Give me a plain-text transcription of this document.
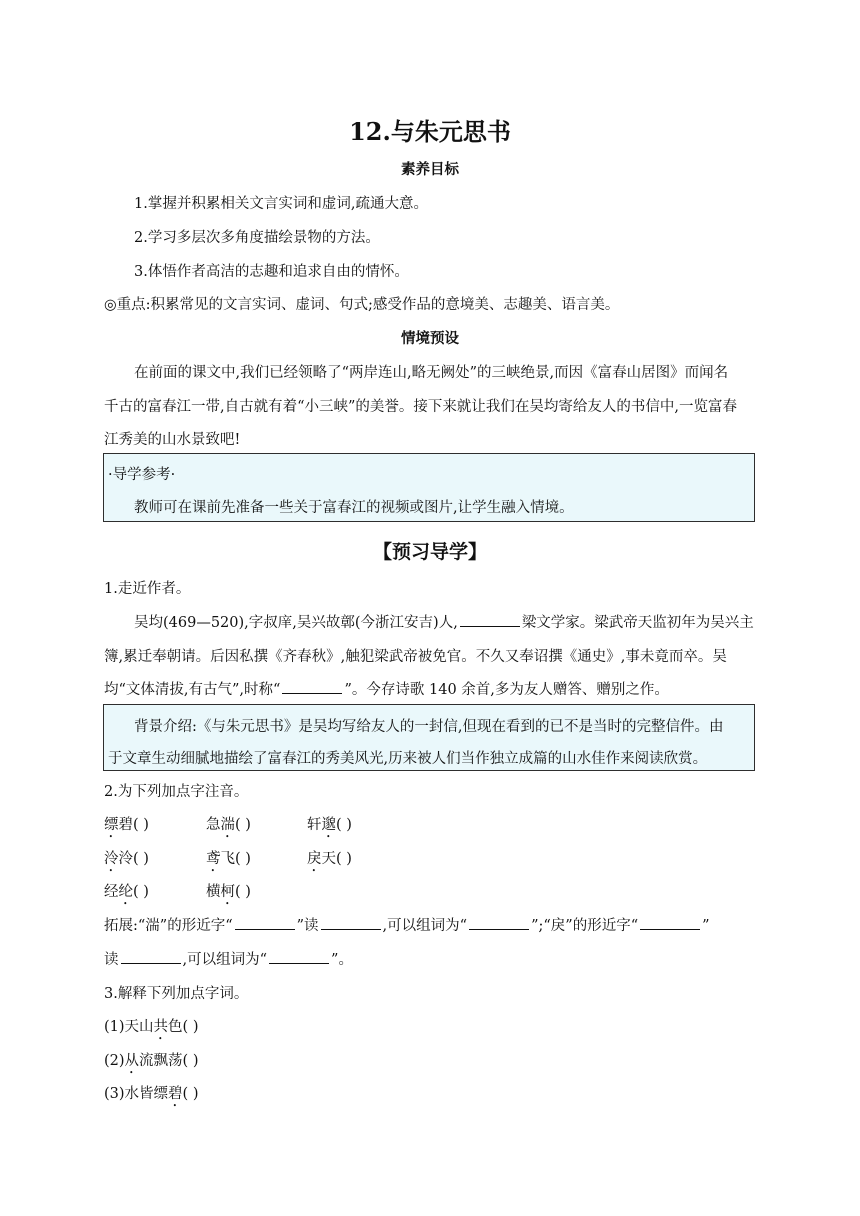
12.与朱元思书
素养目标
1.掌握并积累相关文言实词和虚词,疏通大意。
2.学习多层次多角度描绘景物的方法。
3.体悟作者高洁的志趣和追求自由的情怀。
◎重点:积累常见的文言实词、虚词、句式;感受作品的意境美、志趣美、语言美。
情境预设
在前面的课文中,我们已经领略了“两岸连山,略无阙处”的三峡绝景,而因《富春山居图》而闻名
千古的富春江一带,自古就有着“小三峡”的美誉。接下来就让我们在吴均寄给友人的书信中,一览富春
江秀美的山水景致吧!
·导学参考·
教师可在课前先准备一些关于富春江的视频或图片,让学生融入情境。
【预习导学】
1.走近作者。
吴均(469—520),字叔庠,吴兴故鄣(今浙江安吉)人,	梁文学家。梁武帝天监初年为吴兴主
簿,累迁奉朝请。后因私撰《齐春秋》,触犯梁武帝被免官。不久又奉诏撰《通史》,事未竟而卒。吴
均“文体清拔,有古气”,时称“	”。今存诗歌 140 余首,多为友人赠答、赠别之作。
背景介绍:《与朱元思书》是吴均写给友人的一封信,但现在看到的已不是当时的完整信件。由
于文章生动细腻地描绘了富春江的秀美风光,历来被人们当作独立成篇的山水佳作来阅读欣赏。
2.为下列加点字注音。
缥碧( )	急湍( )	轩邈( )
泠泠( )	鸢飞( )	戾天( )
经纶( )	横柯( )
拓展:“湍”的形近字“	”读	,可以组词为“	”;“戾”的形近字“	”
读	,可以组词为“	”。
3.解释下列加点字词。
(1)天山共色( )
(2)从流飘荡( )
(3)水皆缥碧( )
